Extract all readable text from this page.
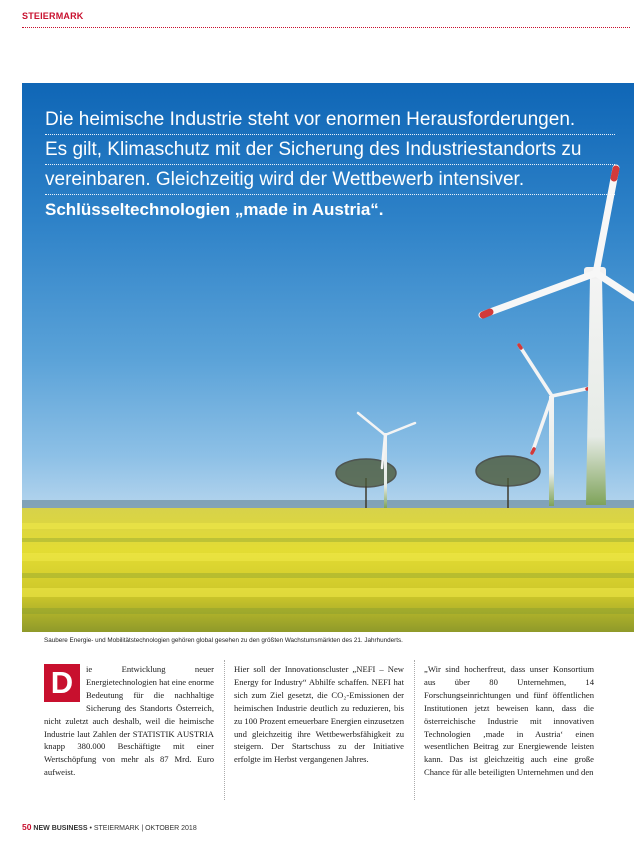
STEIERMARK
Die heimische Industrie steht vor enormen Herausforderungen.
Es gilt, Klimaschutz mit der Sicherung des Industriestandorts zu
vereinbaren. Gleichzeitig wird der Wettbewerb intensiver.
Schlüsseltechnologien „made in Austria“.
Saubere Energie- und Mobilitätstechnologien gehören global gesehen zu den größten Wachstumsmärkten des 21. Jahrhunderts.
D	ie Entwicklung neuer Energietechnologien hat eine enorme Bedeutung für die nachhaltige Sicherung des Standorts Österreich, nicht zuletzt auch deshalb, weil die heimische Industrie laut Zahlen der STATISTIK AUSTRIA knapp 380.000 Beschäftigte mit einer Wertschöpfung von mehr als 87 Mrd. Euro aufweist.

Hier soll der Innovationscluster „NEFI – New Energy for Industry“ Abhilfe schaffen. NEFI hat sich zum Ziel gesetzt, die CO₂-Emissionen der heimischen Industrie deutlich zu reduzieren, bis zu 100 Prozent erneuerbare Energien einzusetzen und gleichzeitig ihre Wettbewerbsfähigkeit zu steigern. Der Startschuss zu der Initiative erfolgte im Herbst vergangenen Jahres.

„Wir sind hocherfreut, dass unser Konsortium aus über 80 Unternehmen, 14 Forschungseinrichtungen und fünf öffentlichen Institutionen jetzt beweisen kann, dass die österreichische Industrie mit innovativen Technologien ‚made in Austria‘ einen wesentlichen Beitrag zur Energiewende leisten kann. Das ist gleichzeitig auch eine große Chance für alle beteiligten Unternehmen und den

50 NEW BUSINESS • STEIERMARK | OKTOBER 2018
